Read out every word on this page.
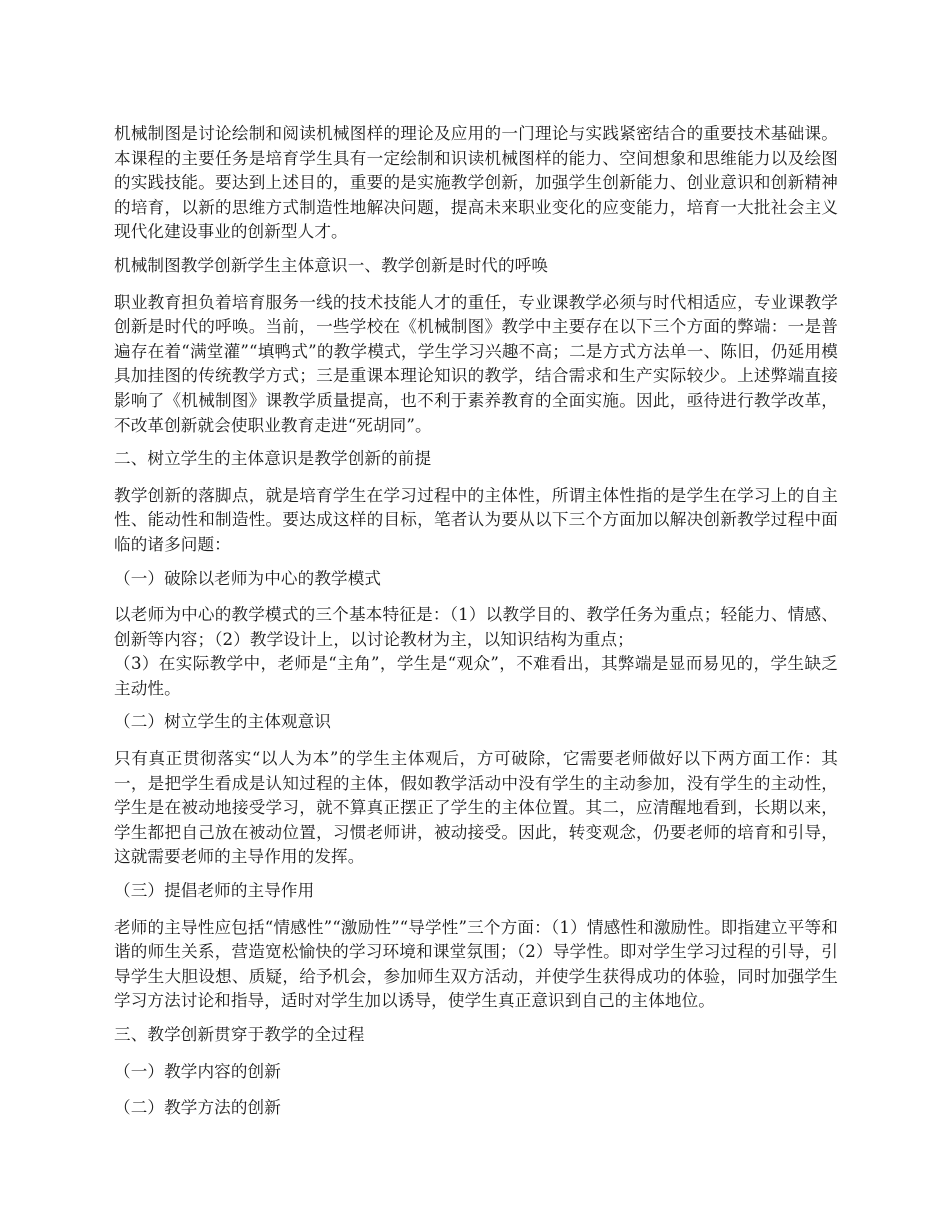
机械制图是讨论绘制和阅读机械图样的理论及应用的一门理论与实践紧密结合的重要技术基础课。本课程的主要任务是培育学生具有一定绘制和识读机械图样的能力、空间想象和思维能力以及绘图的实践技能。要达到上述目的，重要的是实施教学创新，加强学生创新能力、创业意识和创新精神的培育，以新的思维方式制造性地解决问题，提高未来职业变化的应变能力，培育一大批社会主义现代化建设事业的创新型人才。

机械制图教学创新学生主体意识一、教学创新是时代的呼唤

职业教育担负着培育服务一线的技术技能人才的重任，专业课教学必须与时代相适应，专业课教学创新是时代的呼唤。当前，一些学校在《机械制图》教学中主要存在以下三个方面的弊端：一是普遍存在着“满堂灌”“填鸭式”的教学模式，学生学习兴趣不高；二是方式方法单一、陈旧，仍延用模具加挂图的传统教学方式；三是重课本理论知识的教学，结合需求和生产实际较少。上述弊端直接影响了《机械制图》课教学质量提高，也不利于素养教育的全面实施。因此，亟待进行教学改革，不改革创新就会使职业教育走进“死胡同”。

二、树立学生的主体意识是教学创新的前提

教学创新的落脚点，就是培育学生在学习过程中的主体性，所谓主体性指的是学生在学习上的自主性、能动性和制造性。要达成这样的目标，笔者认为要从以下三个方面加以解决创新教学过程中面临的诸多问题：

（一）破除以老师为中心的教学模式

以老师为中心的教学模式的三个基本特征是：（1）以教学目的、教学任务为重点；轻能力、情感、创新等内容；（2）教学设计上，以讨论教材为主，以知识结构为重点；
（3）在实际教学中，老师是“主角”，学生是“观众”，不难看出，其弊端是显而易见的，学生缺乏主动性。

（二）树立学生的主体观意识

只有真正贯彻落实“以人为本”的学生主体观后，方可破除，它需要老师做好以下两方面工作：其一，是把学生看成是认知过程的主体，假如教学活动中没有学生的主动参加，没有学生的主动性，学生是在被动地接受学习，就不算真正摆正了学生的主体位置。其二，应清醒地看到，长期以来，学生都把自己放在被动位置，习惯老师讲，被动接受。因此，转变观念，仍要老师的培育和引导，这就需要老师的主导作用的发挥。

（三）提倡老师的主导作用

老师的主导性应包括“情感性”“激励性”“导学性”三个方面：（1）情感性和激励性。即指建立平等和谐的师生关系，营造宽松愉快的学习环境和课堂氛围；（2）导学性。即对学生学习过程的引导，引导学生大胆设想、质疑，给予机会，参加师生双方活动，并使学生获得成功的体验，同时加强学生学习方法讨论和指导，适时对学生加以诱导，使学生真正意识到自己的主体地位。

三、教学创新贯穿于教学的全过程

（一）教学内容的创新

（二）教学方法的创新
